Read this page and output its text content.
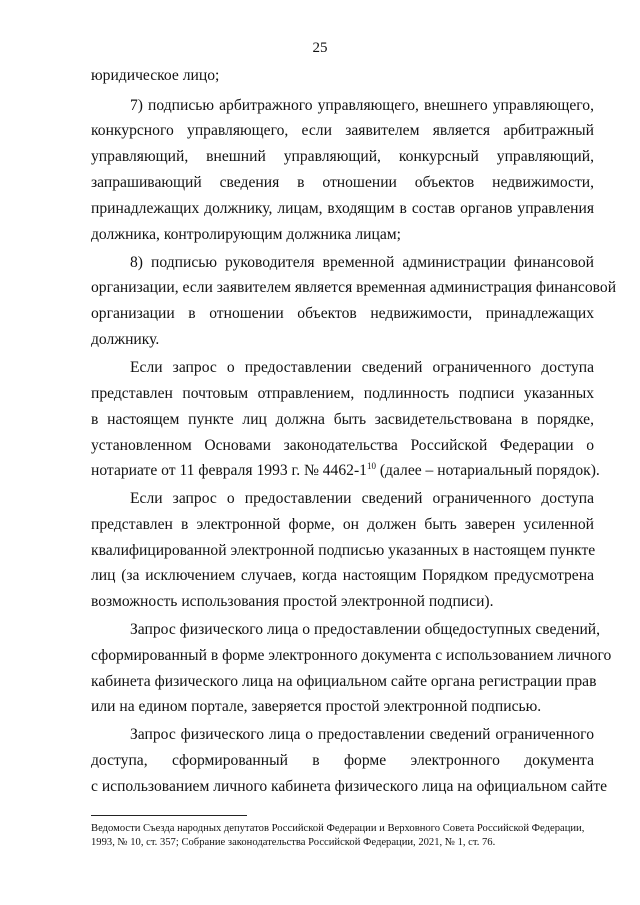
25
юридическое лицо;
7) подписью арбитражного управляющего, внешнего управляющего,
конкурсного управляющего, если заявителем является арбитражный
управляющий, внешний управляющий, конкурсный управляющий,
запрашивающий сведения в отношении объектов недвижимости,
принадлежащих должнику, лицам, входящим в состав органов управления
должника, контролирующим должника лицам;
8) подписью руководителя временной администрации финансовой
организации, если заявителем является временная администрация финансовой
организации в отношении объектов недвижимости, принадлежащих
должнику.
Если запрос о предоставлении сведений ограниченного доступа
представлен почтовым отправлением, подлинность подписи указанных
в настоящем пункте лиц должна быть засвидетельствована в порядке,
установленном Основами законодательства Российской Федерации о
нотариате от 11 февраля 1993 г. № $4462-1^{10}$ (далее – нотариальный порядок).
Если запрос о предоставлении сведений ограниченного доступа
представлен в электронной форме, он должен быть заверен усиленной
квалифицированной электронной подписью указанных в настоящем пункте
лиц (за исключением случаев, когда настоящим Порядком предусмотрена
возможность использования простой электронной подписи).
Запрос физического лица о предоставлении общедоступных сведений,
сформированный в форме электронного документа с использованием личного
кабинета физического лица на официальном сайте органа регистрации прав
или на едином портале, заверяется простой электронной подписью.
Запрос физического лица о предоставлении сведений ограниченного
доступа, сформированный в форме электронного документа
с использованием личного кабинета физического лица на официальном сайте
Ведомости Съезда народных депутатов Российской Федерации и Верховного Совета Российской Федерации,
1993, № 10, ст. 357; Собрание законодательства Российской Федерации, 2021, № 1, ст. 76.
